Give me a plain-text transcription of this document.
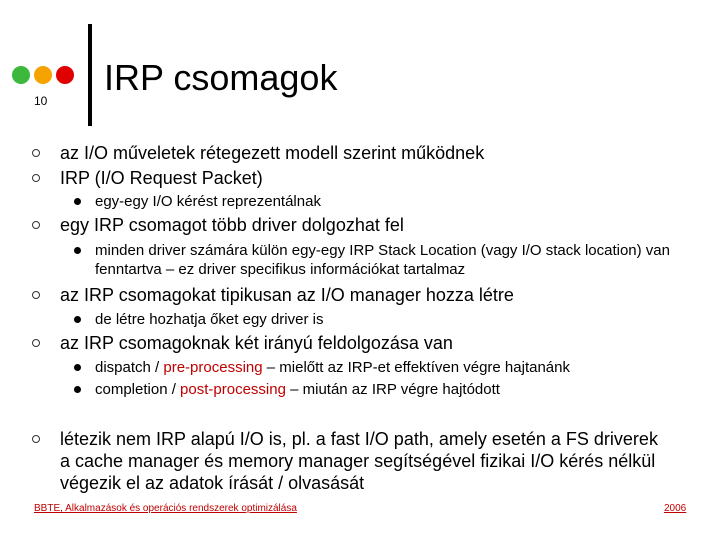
10
IRP csomagok
az I/O műveletek rétegezett modell szerint működnek
IRP (I/O Request Packet)
egy-egy I/O kérést reprezentálnak
egy IRP csomagot több driver dolgozhat fel
minden driver számára külön egy-egy IRP Stack Location (vagy I/O stack location) van fenntartva – ez driver specifikus információkat tartalmaz
az IRP csomagokat tipikusan az I/O manager hozza létre
de létre hozhatja őket egy driver is
az IRP csomagoknak két irányú feldolgozása van
dispatch / pre-processing – mielőtt az IRP-et effektíven végre hajtanánk
completion / post-processing – miután az IRP végre hajtódott
létezik nem IRP alapú I/O is, pl. a fast I/O path, amely esetén a FS driverek a cache manager és memory manager segítségével fizikai I/O kérés nélkül végezik el az adatok írását / olvasását
BBTE, Alkalmazások és operációs rendszerek optimizálása	2006
